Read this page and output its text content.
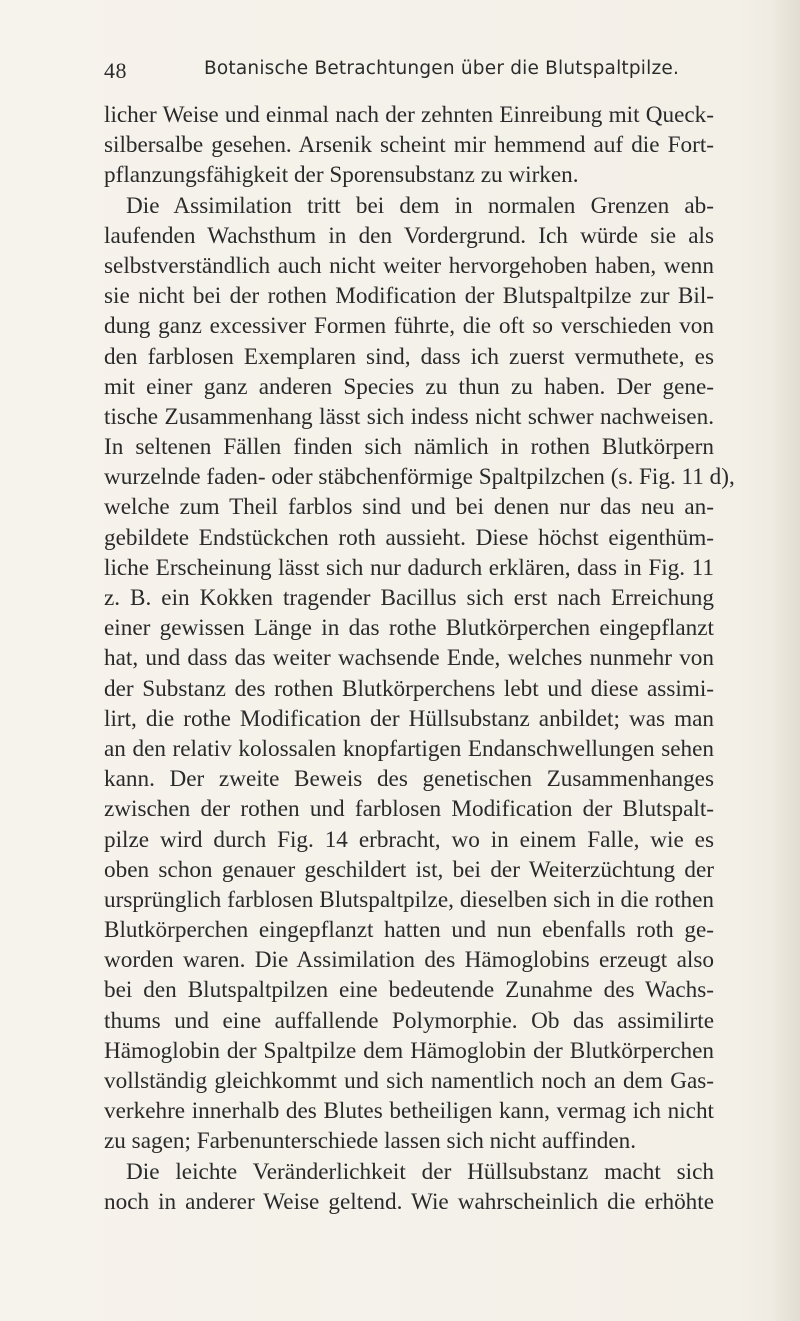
48	Botanische Betrachtungen über die Blutspaltpilze.
licher Weise und einmal nach der zehnten Einreibung mit Queck-
silbersalbe gesehen. Arsenik scheint mir hemmend auf die Fort-
pflanzungsfähigkeit der Sporensubstanz zu wirken.
Die Assimilation tritt bei dem in normalen Grenzen ab-
laufenden Wachsthum in den Vordergrund. Ich würde sie als
selbstverständlich auch nicht weiter hervorgehoben haben, wenn
sie nicht bei der rothen Modification der Blutspaltpilze zur Bil-
dung ganz excessiver Formen führte, die oft so verschieden von
den farblosen Exemplaren sind, dass ich zuerst vermuthete, es
mit einer ganz anderen Species zu thun zu haben. Der gene-
tische Zusammenhang lässt sich indess nicht schwer nachweisen.
In seltenen Fällen finden sich nämlich in rothen Blutkörpern
wurzelnde faden- oder stäbchenförmige Spaltpilzchen (s. Fig. 11 d),
welche zum Theil farblos sind und bei denen nur das neu an-
gebildete Endstückchen roth aussieht. Diese höchst eigenthüm-
liche Erscheinung lässt sich nur dadurch erklären, dass in Fig. 11
z. B. ein Kokken tragender Bacillus sich erst nach Erreichung
einer gewissen Länge in das rothe Blutkörperchen eingepflanzt
hat, und dass das weiter wachsende Ende, welches nunmehr von
der Substanz des rothen Blutkörperchens lebt und diese assimi-
lirt, die rothe Modification der Hüllsubstanz anbildet; was man
an den relativ kolossalen knopfartigen Endanschwellungen sehen
kann. Der zweite Beweis des genetischen Zusammenhanges
zwischen der rothen und farblosen Modification der Blutspalt-
pilze wird durch Fig. 14 erbracht, wo in einem Falle, wie es
oben schon genauer geschildert ist, bei der Weiterzüchtung der
ursprünglich farblosen Blutspaltpilze, dieselben sich in die rothen
Blutkörperchen eingepflanzt hatten und nun ebenfalls roth ge-
worden waren. Die Assimilation des Hämoglobins erzeugt also
bei den Blutspaltpilzen eine bedeutende Zunahme des Wachs-
thums und eine auffallende Polymorphie. Ob das assimilirte
Hämoglobin der Spaltpilze dem Hämoglobin der Blutkörperchen
vollständig gleichkommt und sich namentlich noch an dem Gas-
verkehre innerhalb des Blutes betheiligen kann, vermag ich nicht
zu sagen; Farbenunterschiede lassen sich nicht auffinden.
Die leichte Veränderlichkeit der Hüllsubstanz macht sich
noch in anderer Weise geltend. Wie wahrscheinlich die erhöhte
